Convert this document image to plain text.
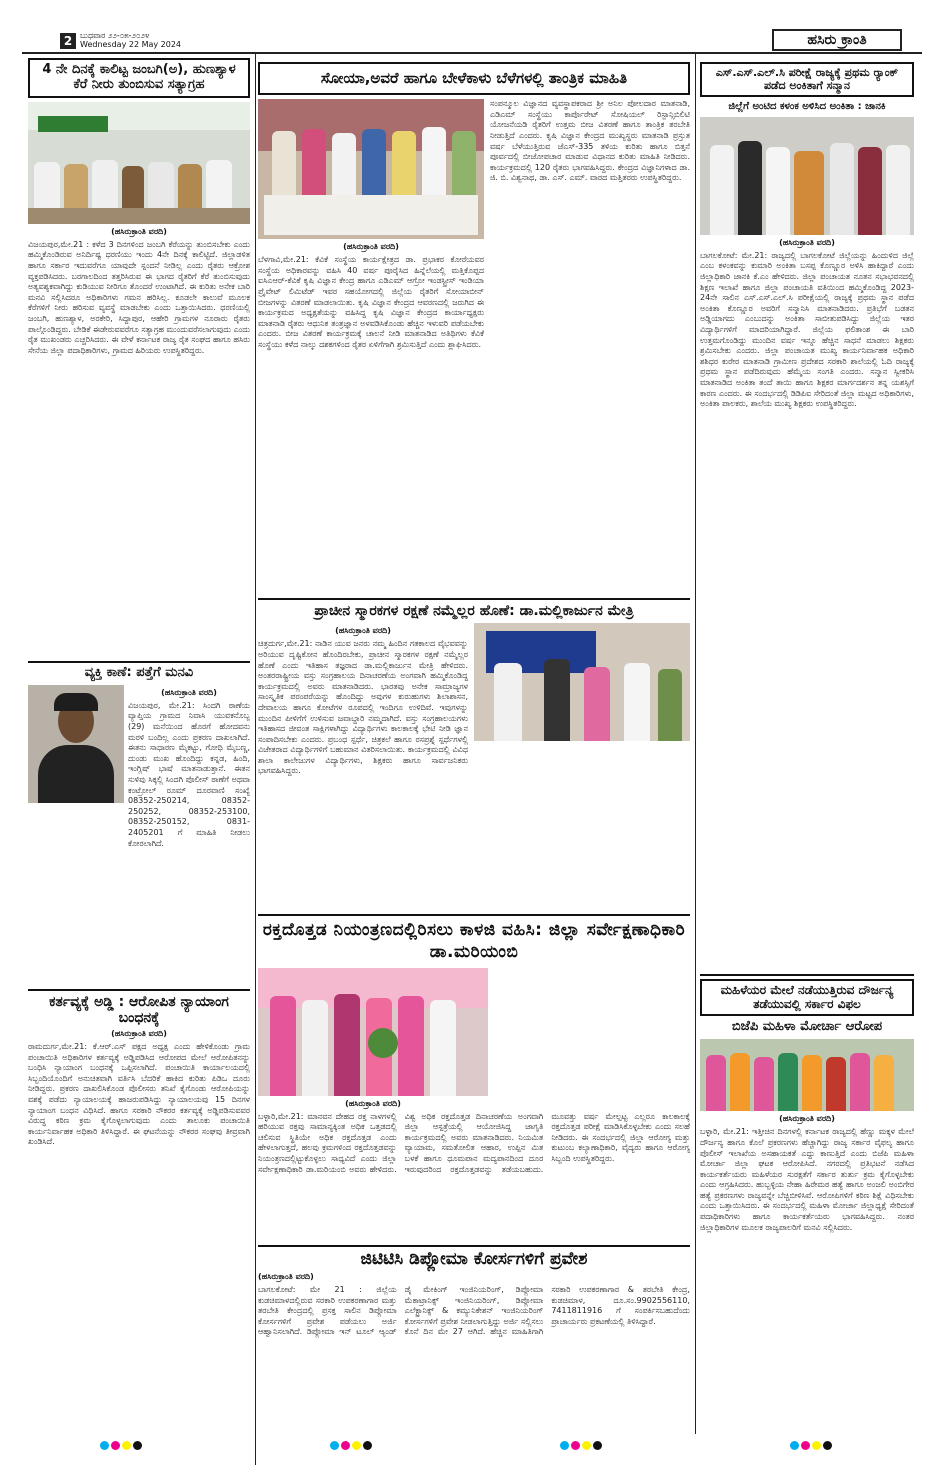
2 ಬುಧವಾರ ೨೨-೦೫-೨೦೨೪
Wednesday 22 May 2024	ಹಸಿರು ಕ್ರಾಂತಿ
4 ನೇ ದಿನಕ್ಕೆ ಕಾಲಿಟ್ಟ ಜಂಬಗಿ(ಅ), ಹುಣಶ್ಯಾಳ ಕೆರೆ ನೀರು ತುಂಬಿಸುವ ಸತ್ಯಾಗ್ರಹ
(ಹಸಿರುಕ್ರಾಂತಿ ವರದಿ)
ವಿಜಯಪುರ,ಮೇ.21 : ಕಳೆದ 3 ದಿನಗಳಿಂದ ಜಂಬಗಿ ಕೆರೆಯನ್ನು ತುಂಬಿಸಬೇಕು ಎಂದು ಹಮ್ಮಿಕೊಂಡಿರುವ ಅನಿರ್ದಿಷ್ಟ ಧರಣಿಯು ಇಂದು 4ನೇ ದಿನಕ್ಕೆ ಕಾಲಿಟ್ಟಿದೆ. ಜಿಲ್ಲಾಡಳಿತ ಹಾಗೂ ಸರ್ಕಾರ ಇದುವರೆಗೂ ಯಾವುದೇ ಸ್ಪಂದನೆ ನೀಡಿಲ್ಲ ಎಂದು ರೈತರು ಆಕ್ರೋಶ ವ್ಯಕ್ತಪಡಿಸಿದರು. ಬರಗಾಲದಿಂದ ತತ್ತರಿಸಿರುವ ಈ ಭಾಗದ ರೈತರಿಗೆ ಕೆರೆ ತುಂಬಿಸುವುದು ಅತ್ಯವಶ್ಯಕವಾಗಿದ್ದು ಕುಡಿಯುವ ನೀರಿಗೂ ತೊಂದರೆ ಉಂಟಾಗಿದೆ. ಈ ಕುರಿತು ಅನೇಕ ಬಾರಿ ಮನವಿ ಸಲ್ಲಿಸಿದರೂ ಅಧಿಕಾರಿಗಳು ಗಮನ ಹರಿಸಿಲ್ಲ. ಕೂಡಲೇ ಕಾಲುವೆ ಮೂಲಕ ಕೆರೆಗಳಿಗೆ ನೀರು ಹರಿಸುವ ವ್ಯವಸ್ಥೆ ಮಾಡಬೇಕು ಎಂದು ಒತ್ತಾಯಿಸಿದರು. ಧರಣಿಯಲ್ಲಿ ಜಂಬಗಿ, ಹುಣಶ್ಯಾಳ, ಅರಕೇರಿ, ಸಿದ್ದಾಪುರ, ಆಹೇರಿ ಗ್ರಾಮಗಳ ನೂರಾರು ರೈತರು ಪಾಲ್ಗೊಂಡಿದ್ದರು. ಬೇಡಿಕೆ ಈಡೇರುವವರೆಗೂ ಸತ್ಯಾಗ್ರಹ ಮುಂದುವರೆಸಲಾಗುವುದು ಎಂದು ರೈತ ಮುಖಂಡರು ಎಚ್ಚರಿಸಿದರು. ಈ ವೇಳೆ ಕರ್ನಾಟಕ ರಾಜ್ಯ ರೈತ ಸಂಘದ ಹಾಗೂ ಹಸಿರು ಸೇನೆಯ ಜಿಲ್ಲಾ ಪದಾಧಿಕಾರಿಗಳು, ಗ್ರಾಮದ ಹಿರಿಯರು ಉಪಸ್ಥಿತರಿದ್ದರು.
ವ್ಯಕ್ತಿ ಕಾಣೆ: ಪತ್ತೆಗೆ ಮನವಿ
(ಹಸಿರುಕ್ರಾಂತಿ ವರದಿ)
ವಿಜಯಪುರ, ಮೇ.21: ಸಿಂದಗಿ ಠಾಣೆಯ ವ್ಯಾಪ್ತಿಯ ಗ್ರಾಮದ ನಿವಾಸಿ ಯುವಕನೊಬ್ಬ (29) ಮನೆಯಿಂದ ಹೊರಗೆ ಹೋದವನು ಮರಳಿ ಬಂದಿಲ್ಲ ಎಂದು ಪ್ರಕರಣ ದಾಖಲಾಗಿದೆ. ಈತನು ಸಾಧಾರಣ ಮೈಕಟ್ಟು, ಗೋಧಿ ಮೈಬಣ್ಣ, ದುಂಡು ಮುಖ ಹೊಂದಿದ್ದು ಕನ್ನಡ, ಹಿಂದಿ, ಇಂಗ್ಲಿಷ್ ಭಾಷೆ ಮಾತನಾಡುತ್ತಾನೆ. ಈತನ ಸುಳಿವು ಸಿಕ್ಕಲ್ಲಿ ಸಿಂದಗಿ ಪೊಲೀಸ್ ಠಾಣೆಗೆ ಅಥವಾ ಕಂಟ್ರೋಲ್ ರೂಮ್ ದೂರವಾಣಿ ಸಂಖ್ಯೆ 08352-250214, 08352-250252, 08352-253100, 08352-250152, 0831-2405201 ಗೆ ಮಾಹಿತಿ ನೀಡಲು ಕೋರಲಾಗಿದೆ.
ಕರ್ತವ್ಯಕ್ಕೆ ಅಡ್ಡಿ : ಆರೋಪಿತ ನ್ಯಾಯಾಂಗ ಬಂಧನಕ್ಕೆ
(ಹಸಿರುಕ್ರಾಂತಿ ವರದಿ)
ರಾಮದುರ್ಗ,ಮೇ.21: ಕೆ.ಆರ್.ಎಸ್ ಪಕ್ಷದ ಅಧ್ಯಕ್ಷ ಎಂದು ಹೇಳಿಕೊಂಡು ಗ್ರಾಮ ಪಂಚಾಯಿತಿ ಅಧಿಕಾರಿಗಳ ಕರ್ತವ್ಯಕ್ಕೆ ಅಡ್ಡಿಪಡಿಸಿದ ಆರೋಪದ ಮೇಲೆ ಆರೋಪಿತನನ್ನು ಬಂಧಿಸಿ ನ್ಯಾಯಾಂಗ ಬಂಧನಕ್ಕೆ ಒಪ್ಪಿಸಲಾಗಿದೆ. ಪಂಚಾಯಿತಿ ಕಾರ್ಯಾಲಯದಲ್ಲಿ ಸಿಬ್ಬಂದಿಯೊಂದಿಗೆ ಅನುಚಿತವಾಗಿ ವರ್ತಿಸಿ ಬೆದರಿಕೆ ಹಾಕಿದ ಕುರಿತು ಪಿಡಿಒ ದೂರು ನೀಡಿದ್ದರು. ಪ್ರಕರಣ ದಾಖಲಿಸಿಕೊಂಡ ಪೊಲೀಸರು ತನಿಖೆ ಕೈಗೊಂಡು ಆರೋಪಿಯನ್ನು ವಶಕ್ಕೆ ಪಡೆದು ನ್ಯಾಯಾಲಯಕ್ಕೆ ಹಾಜರುಪಡಿಸಿದ್ದು ನ್ಯಾಯಾಲಯವು 15 ದಿನಗಳ ನ್ಯಾಯಾಂಗ ಬಂಧನ ವಿಧಿಸಿದೆ. ಹಾಗೂ ಸರಕಾರಿ ನೌಕರರ ಕರ್ತವ್ಯಕ್ಕೆ ಅಡ್ಡಿಪಡಿಸುವವರ ವಿರುದ್ಧ ಕಠಿಣ ಕ್ರಮ ಕೈಗೊಳ್ಳಲಾಗುವುದು ಎಂದು ತಾಲೂಕು ಪಂಚಾಯಿತಿ ಕಾರ್ಯನಿರ್ವಾಹಕ ಅಧಿಕಾರಿ ತಿಳಿಸಿದ್ದಾರೆ. ಈ ಘಟನೆಯನ್ನು ನೌಕರರ ಸಂಘವು ತೀವ್ರವಾಗಿ ಖಂಡಿಸಿದೆ.
ಸೋಯಾ,ಅವರೆ ಹಾಗೂ ಬೇಳೆಕಾಳು ಬೆಳೆಗಳಲ್ಲಿ ತಾಂತ್ರಿಕ ಮಾಹಿತಿ
(ಹಸಿರುಕ್ರಾಂತಿ ವರದಿ)
ಬೆಳಗಾವಿ,ಮೇ.21: ಕೆವಿಕೆ ಸಂಸ್ಥೆಯ ಕಾರ್ಯಕ್ಷೇತ್ರದ ಡಾ. ಪ್ರಭಾಕರ ಕೋರೆಯವರ ಸಂಸ್ಥೆಯ ಅಧಿಕಾರವನ್ನು ವಹಿಸಿ 40 ವರ್ಷ ಪೂರೈಸಿದ ಹಿನ್ನೆಲೆಯಲ್ಲಿ ಮತ್ತಿಕೊಪ್ಪದ ಐಸಿಎಆರ್-ಕೆವಿಕೆ ಕೃಷಿ ವಿಜ್ಞಾನ ಕೇಂದ್ರ ಹಾಗೂ ಎಡಿಎಮ್ ಆಗ್ರೋ ಇಂಡಸ್ಟ್ರೀಸ್ ಇಂಡಿಯಾ ಪ್ರೈವೇಟ್ ಲಿಮಿಟೆಡ್ ಇವರ ಸಹಯೋಗದಲ್ಲಿ ಜಿಲ್ಲೆಯ ರೈತರಿಗೆ ಸೋಯಾಬೀನ್ ಬೀಜಗಳನ್ನು ವಿತರಣೆ ಮಾಡಲಾಯಿತು. ಕೃಷಿ ವಿಜ್ಞಾನ ಕೇಂದ್ರದ ಆವರಣದಲ್ಲಿ ಜರುಗಿದ ಈ ಕಾರ್ಯಕ್ರಮದ ಅಧ್ಯಕ್ಷತೆಯನ್ನು ವಹಿಸಿದ್ದ ಕೃಷಿ ವಿಜ್ಞಾನ ಕೇಂದ್ರದ ಕಾರ್ಯಾಧ್ಯಕ್ಷರು ಮಾತನಾಡಿ ರೈತರು ಆಧುನಿಕ ತಂತ್ರಜ್ಞಾನ ಅಳವಡಿಸಿಕೊಂಡು ಹೆಚ್ಚಿನ ಇಳುವರಿ ಪಡೆಯಬೇಕು ಎಂದರು. ಬೀಜ ವಿತರಣೆ ಕಾರ್ಯಕ್ರಮಕ್ಕೆ ಚಾಲನೆ ನೀಡಿ ಮಾತನಾಡಿದ ಅತಿಥಿಗಳು ಕೆವಿಕೆ ಸಂಸ್ಥೆಯು ಕಳೆದ ನಾಲ್ಕು ದಶಕಗಳಿಂದ ರೈತರ ಏಳಿಗೆಗಾಗಿ ಶ್ರಮಿಸುತ್ತಿದೆ ಎಂದು ಶ್ಲಾಘಿಸಿದರು.
ಸಂಪನ್ಮೂಲ ವಿಜ್ಞಾನದ ವ್ಯವಸ್ಥಾಪಕರಾದ ಶ್ರೀ ಅನಿಲ ಪೋಲದಾರ ಮಾತನಾಡಿ, ಎಡಿಎಮ್ ಸಂಸ್ಥೆಯು ಕಾರ್ಪೊರೇಟ್ ಸೋಷಿಯಲ್ ರಿಸ್ಪಾನ್ಸಿಬಿಲಿಟಿ ಯೋಜನೆಯಡಿ ರೈತರಿಗೆ ಉತ್ತಮ ಬೀಜ ವಿತರಣೆ ಹಾಗೂ ತಾಂತ್ರಿಕ ತರಬೇತಿ ನೀಡುತ್ತಿದೆ ಎಂದರು. ಕೃಷಿ ವಿಜ್ಞಾನ ಕೇಂದ್ರದ ಮುಖ್ಯಸ್ಥರು ಮಾತನಾಡಿ ಪ್ರಸ್ತುತ ವರ್ಷ ಬೆಳೆಯುತ್ತಿರುವ ಜೆಎಸ್-335 ತಳಿಯ ಕುರಿತು ಹಾಗೂ ಬಿತ್ತನೆ ಪೂರ್ವದಲ್ಲಿ ಬೀಜೋಪಚಾರ ಮಾಡುವ ವಿಧಾನದ ಕುರಿತು ಮಾಹಿತಿ ನೀಡಿದರು. ಕಾರ್ಯಕ್ರಮದಲ್ಲಿ 120 ರೈತರು ಭಾಗವಹಿಸಿದ್ದರು. ಕೇಂದ್ರದ ವಿಜ್ಞಾನಿಗಳಾದ ಡಾ. ಜಿ. ಬಿ. ವಿಶ್ವನಾಥ, ಡಾ. ಎಸ್. ಎಮ್. ವಾರದ ಮತ್ತಿತರರು ಉಪಸ್ಥಿತರಿದ್ದರು.
ಪ್ರಾಚೀನ ಸ್ಮಾರಕಗಳ ರಕ್ಷಣೆ ನಮ್ಮೆಲ್ಲರ ಹೊಣೆ: ಡಾ.ಮಲ್ಲಿಕಾರ್ಜುನ ಮೇತ್ರಿ
(ಹಸಿರುಕ್ರಾಂತಿ ವರದಿ)
ಚಿತ್ರದುರ್ಗ,ಮೇ.21: ನಾಡಿನ ಯುವ ಜನರು ನಮ್ಮ ಹಿಂದಿನ ಗತಕಾಲದ ವೈಭವವನ್ನು ಅರಿಯುವ ದೃಷ್ಟಿಕೋನ ಹೊಂದಿರಬೇಕು, ಪ್ರಾಚೀನ ಸ್ಮಾರಕಗಳ ರಕ್ಷಣೆ ನಮ್ಮೆಲ್ಲರ ಹೊಣೆ ಎಂದು ಇತಿಹಾಸ ತಜ್ಞರಾದ ಡಾ.ಮಲ್ಲಿಕಾರ್ಜುನ ಮೇತ್ರಿ ಹೇಳಿದರು. ಅಂತರರಾಷ್ಟ್ರೀಯ ವಸ್ತು ಸಂಗ್ರಹಾಲಯ ದಿನಾಚರಣೆಯ ಅಂಗವಾಗಿ ಹಮ್ಮಿಕೊಂಡಿದ್ದ ಕಾರ್ಯಕ್ರಮದಲ್ಲಿ ಅವರು ಮಾತನಾಡಿದರು. ಭಾರತವು ಅನೇಕ ಸಾಮ್ರಾಜ್ಯಗಳ ಸಾಂಸ್ಕೃತಿಕ ಪರಂಪರೆಯನ್ನು ಹೊಂದಿದ್ದು ಅವುಗಳ ಕುರುಹುಗಳು ಶಿಲಾಶಾಸನ, ದೇವಾಲಯ ಹಾಗೂ ಕೋಟೆಗಳ ರೂಪದಲ್ಲಿ ಇಂದಿಗೂ ಉಳಿದಿವೆ. ಇವುಗಳನ್ನು ಮುಂದಿನ ಪೀಳಿಗೆಗೆ ಉಳಿಸುವ ಜವಾಬ್ದಾರಿ ನಮ್ಮದಾಗಿದೆ. ವಸ್ತು ಸಂಗ್ರಹಾಲಯಗಳು ಇತಿಹಾಸದ ಜೀವಂತ ಸಾಕ್ಷಿಗಳಾಗಿದ್ದು ವಿದ್ಯಾರ್ಥಿಗಳು ಕಾಲಕಾಲಕ್ಕೆ ಭೇಟಿ ನೀಡಿ ಜ್ಞಾನ ಸಂಪಾದಿಸಬೇಕು ಎಂದರು. ಪ್ರಬಂಧ ಸ್ಪರ್ಧೆ, ಚಿತ್ರಕಲೆ ಹಾಗೂ ರಸಪ್ರಶ್ನೆ ಸ್ಪರ್ಧೆಗಳಲ್ಲಿ ವಿಜೇತರಾದ ವಿದ್ಯಾರ್ಥಿಗಳಿಗೆ ಬಹುಮಾನ ವಿತರಿಸಲಾಯಿತು. ಕಾರ್ಯಕ್ರಮದಲ್ಲಿ ವಿವಿಧ ಶಾಲಾ ಕಾಲೇಜುಗಳ ವಿದ್ಯಾರ್ಥಿಗಳು, ಶಿಕ್ಷಕರು ಹಾಗೂ ಸಾರ್ವಜನಿಕರು ಭಾಗವಹಿಸಿದ್ದರು.
ರಕ್ತದೊತ್ತಡ ನಿಯಂತ್ರಣದಲ್ಲಿರಿಸಲು ಕಾಳಜಿ ವಹಿಸಿ: ಜಿಲ್ಲಾ ಸರ್ವೇಕ್ಷಣಾಧಿಕಾರಿ ಡಾ.ಮರಿಯಂಬಿ
(ಹಸಿರುಕ್ರಾಂತಿ ವರದಿ)
ಬಳ್ಳಾರಿ,ಮೇ.21: ಮಾನವನ ದೇಹದ ರಕ್ತ ನಾಳಗಳಲ್ಲಿ ಹರಿಯುವ ರಕ್ತವು ಸಾಮಾನ್ಯಕ್ಕಿಂತ ಅಧಿಕ ಒತ್ತಡದಲ್ಲಿ ಚಲಿಸುವ ಸ್ಥಿತಿಯೇ ಅಧಿಕ ರಕ್ತದೊತ್ತಡ ಎಂದು ಹೇಳಲಾಗುತ್ತದೆ, ಹಲವು ಕ್ರಮಗಳಿಂದ ರಕ್ತದೊತ್ತಡವನ್ನು ನಿಯಂತ್ರಣದಲ್ಲಿಟ್ಟುಕೊಳ್ಳಲು ಸಾಧ್ಯವಿದೆ ಎಂದು ಜಿಲ್ಲಾ ಸರ್ವೇಕ್ಷಣಾಧಿಕಾರಿ ಡಾ.ಮರಿಯಂಬಿ ಅವರು ಹೇಳಿದರು. ವಿಶ್ವ ಅಧಿಕ ರಕ್ತದೊತ್ತಡ ದಿನಾಚರಣೆಯ ಅಂಗವಾಗಿ ಜಿಲ್ಲಾ ಆಸ್ಪತ್ರೆಯಲ್ಲಿ ಆಯೋಜಿಸಿದ್ದ ಜಾಗೃತಿ ಕಾರ್ಯಕ್ರಮದಲ್ಲಿ ಅವರು ಮಾತನಾಡಿದರು. ನಿಯಮಿತ ವ್ಯಾಯಾಮ, ಸಮತೋಲಿತ ಆಹಾರ, ಉಪ್ಪಿನ ಮಿತ ಬಳಕೆ ಹಾಗೂ ಧೂಮಪಾನ ಮದ್ಯಪಾನದಿಂದ ದೂರ ಇರುವುದರಿಂದ ರಕ್ತದೊತ್ತಡವನ್ನು ತಡೆಯಬಹುದು. ಮೂವತ್ತು ವರ್ಷ ಮೇಲ್ಪಟ್ಟ ಎಲ್ಲರೂ ಕಾಲಕಾಲಕ್ಕೆ ರಕ್ತದೊತ್ತಡ ಪರೀಕ್ಷೆ ಮಾಡಿಸಿಕೊಳ್ಳಬೇಕು ಎಂದು ಸಲಹೆ ನೀಡಿದರು. ಈ ಸಂದರ್ಭದಲ್ಲಿ ಜಿಲ್ಲಾ ಆರೋಗ್ಯ ಮತ್ತು ಕುಟುಂಬ ಕಲ್ಯಾಣಾಧಿಕಾರಿ, ವೈದ್ಯರು ಹಾಗೂ ಆರೋಗ್ಯ ಸಿಬ್ಬಂದಿ ಉಪಸ್ಥಿತರಿದ್ದರು.
ಜಿಟಿಟಿಸಿ ಡಿಪ್ಲೋಮಾ ಕೋರ್ಸಗಳಿಗೆ ಪ್ರವೇಶ
(ಹಸಿರುಕ್ರಾಂತಿ ವರದಿ)
ಬಾಗಲಕೋಟೆ: ಮೇ 21 : ಜಿಲ್ಲೆಯ ಕುಡಚಿಮಾಳದಲ್ಲಿರುವ ಸರಕಾರಿ ಉಪಕರಣಾಗಾರ ಮತ್ತು ತರಬೇತಿ ಕೇಂದ್ರದಲ್ಲಿ ಪ್ರಸಕ್ತ ಸಾಲಿನ ಡಿಪ್ಲೋಮಾ ಕೋರ್ಸಗಳಿಗೆ ಪ್ರವೇಶ ಪಡೆಯಲು ಅರ್ಜಿ ಆಹ್ವಾನಿಸಲಾಗಿದೆ. ಡಿಪ್ಲೋಮಾ ಇನ್ ಟೂಲ್ ಆ್ಯಂಡ್ ಡೈ ಮೇಕಿಂಗ್ ಇಂಜಿನಿಯರಿಂಗ್, ಡಿಪ್ಲೋಮಾ ಮೆಕಾಟ್ರಾನಿಕ್ಸ್ ಇಂಜಿನಿಯರಿಂಗ್, ಡಿಪ್ಲೋಮಾ ಎಲೆಕ್ಟ್ರಾನಿಕ್ಸ್ & ಕಮ್ಯುನಿಕೇಶನ್ ಇಂಜಿನಿಯರಿಂಗ್ ಕೋರ್ಸಗಳಿಗೆ ಪ್ರವೇಶ ನೀಡಲಾಗುತ್ತಿದ್ದು ಅರ್ಜಿ ಸಲ್ಲಿಸಲು ಕೊನೆ ದಿನ ಮೇ 27 ಆಗಿದೆ. ಹೆಚ್ಚಿನ ಮಾಹಿತಿಗಾಗಿ ಸರಕಾರಿ ಉಪಕರಣಾಗಾರ & ತರಬೇತಿ ಕೇಂದ್ರ, ಕುಡಚಿಮಾಳ, ದೂ.ಸಂ.9902556110, 7411811916 ಗೆ ಸಂಪರ್ಕಿಸಬಹುದೆಂದು ಪ್ರಾಚಾರ್ಯರು ಪ್ರಕಟಣೆಯಲ್ಲಿ ತಿಳಿಸಿದ್ದಾರೆ.
ಎಸ್.ಎಸ್.ಎಲ್.ಸಿ ಪರೀಕ್ಷೆ ರಾಜ್ಯಕ್ಕೆ ಪ್ರಥಮ ರ್‍ಯಾಂಕ್ ಪಡೆದ ಅಂಕಿತಾಗೆ ಸನ್ಮಾನ
ಜಿಲ್ಲೆಗೆ ಅಂಟಿದ ಕಳಂಕ ಅಳಿಸಿದ ಅಂಕಿತಾ : ಜಾನಕಿ
(ಹಸಿರುಕ್ರಾಂತಿ ವರದಿ)
ಬಾಗಲಕೋಟೆ: ಮೇ.21: ರಾಜ್ಯದಲ್ಲಿ ಬಾಗಲಕೋಟೆ ಜಿಲ್ಲೆಯನ್ನು ಹಿಂದುಳಿದ ಜಿಲ್ಲೆ ಎಂಬ ಕಳಂಕವನ್ನು ಕುಮಾರಿ ಅಂಕಿತಾ ಬಸಪ್ಪ ಕೊಣ್ಣೂರ ಅಳಿಸಿ ಹಾಕಿದ್ದಾರೆ ಎಂದು ಜಿಲ್ಲಾಧಿಕಾರಿ ಜಾನಕಿ ಕೆ.ಎಂ ಹೇಳಿದರು. ಜಿಲ್ಲಾ ಪಂಚಾಯತ ನೂತನ ಸಭಾಭವನದಲ್ಲಿ ಶಿಕ್ಷಣ ಇಲಾಖೆ ಹಾಗೂ ಜಿಲ್ಲಾ ಪಂಚಾಯತಿ ವತಿಯಿಂದ ಹಮ್ಮಿಕೊಂಡಿದ್ದ 2023-24ನೇ ಸಾಲಿನ ಎಸ್.ಎಸ್.ಎಲ್.ಸಿ ಪರೀಕ್ಷೆಯಲ್ಲಿ ರಾಜ್ಯಕ್ಕೆ ಪ್ರಥಮ ಸ್ಥಾನ ಪಡೆದ ಅಂಕಿತಾ ಕೊಣ್ಣೂರ ಅವರಿಗೆ ಸನ್ಮಾನಿಸಿ ಮಾತನಾಡಿದರು. ಪ್ರತಿಭೆಗೆ ಬಡತನ ಅಡ್ಡಿಯಾಗದು ಎಂಬುದನ್ನು ಅಂಕಿತಾ ಸಾಬೀತುಪಡಿಸಿದ್ದು ಜಿಲ್ಲೆಯ ಇತರ ವಿದ್ಯಾರ್ಥಿಗಳಿಗೆ ಮಾದರಿಯಾಗಿದ್ದಾರೆ. ಜಿಲ್ಲೆಯ ಫಲಿತಾಂಶ ಈ ಬಾರಿ ಉತ್ತಮಗೊಂಡಿದ್ದು ಮುಂದಿನ ವರ್ಷ ಇನ್ನೂ ಹೆಚ್ಚಿನ ಸಾಧನೆ ಮಾಡಲು ಶಿಕ್ಷಕರು ಶ್ರಮಿಸಬೇಕು ಎಂದರು. ಜಿಲ್ಲಾ ಪಂಚಾಯತ ಮುಖ್ಯ ಕಾರ್ಯನಿರ್ವಾಹಕ ಅಧಿಕಾರಿ ಶಶಿಧರ ಕುರೇರ ಮಾತನಾಡಿ ಗ್ರಾಮೀಣ ಪ್ರದೇಶದ ಸರಕಾರಿ ಶಾಲೆಯಲ್ಲಿ ಓದಿ ರಾಜ್ಯಕ್ಕೆ ಪ್ರಥಮ ಸ್ಥಾನ ಪಡೆದಿರುವುದು ಹೆಮ್ಮೆಯ ಸಂಗತಿ ಎಂದರು. ಸನ್ಮಾನ ಸ್ವೀಕರಿಸಿ ಮಾತನಾಡಿದ ಅಂಕಿತಾ ತಂದೆ ತಾಯಿ ಹಾಗೂ ಶಿಕ್ಷಕರ ಮಾರ್ಗದರ್ಶನ ತನ್ನ ಯಶಸ್ಸಿಗೆ ಕಾರಣ ಎಂದರು. ಈ ಸಂದರ್ಭದಲ್ಲಿ ಡಿಡಿಪಿಐ ಸೇರಿದಂತೆ ಜಿಲ್ಲಾ ಮಟ್ಟದ ಅಧಿಕಾರಿಗಳು, ಅಂಕಿತಾ ಪಾಲಕರು, ಶಾಲೆಯ ಮುಖ್ಯ ಶಿಕ್ಷಕರು ಉಪಸ್ಥಿತರಿದ್ದರು.
ಮಹಿಳೆಯರ ಮೇಲೆ ನಡೆಯುತ್ತಿರುವ ದೌರ್ಜನ್ಯ ತಡೆಯುವಲ್ಲಿ ಸರ್ಕಾರ ವಿಫಲ
ಬಿಜೆಪಿ ಮಹಿಳಾ ಮೋರ್ಚಾ ಆರೋಪ
(ಹಸಿರುಕ್ರಾಂತಿ ವರದಿ)
ಬಳ್ಳಾರಿ, ಮೇ.21: ಇತ್ತೀಚಿನ ದಿನಗಳಲ್ಲಿ ಕರ್ನಾಟಕ ರಾಜ್ಯದಲ್ಲಿ ಹೆಣ್ಣು ಮಕ್ಕಳ ಮೇಲೆ ದೌರ್ಜನ್ಯ ಹಾಗೂ ಕೊಲೆ ಪ್ರಕರಣಗಳು ಹೆಚ್ಚಾಗಿದ್ದು ರಾಜ್ಯ ಸರ್ಕಾರ ವೈಫಲ್ಯ ಹಾಗೂ ಪೊಲೀಸ್ ಇಲಾಖೆಯ ಅಸಹಾಯಕತೆ ಎದ್ದು ಕಾಣುತ್ತಿದೆ ಎಂದು ಬಿಜೆಪಿ ಮಹಿಳಾ ಮೋರ್ಚಾ ಜಿಲ್ಲಾ ಘಟಕ ಆರೋಪಿಸಿದೆ. ನಗರದಲ್ಲಿ ಪ್ರತಿಭಟನೆ ನಡೆಸಿದ ಕಾರ್ಯಕರ್ತೆಯರು ಮಹಿಳೆಯರ ಸುರಕ್ಷತೆಗೆ ಸರ್ಕಾರ ತುರ್ತು ಕ್ರಮ ಕೈಗೊಳ್ಳಬೇಕು ಎಂದು ಆಗ್ರಹಿಸಿದರು. ಹುಬ್ಬಳ್ಳಿಯ ನೇಹಾ ಹಿರೇಮಠ ಹತ್ಯೆ ಹಾಗೂ ಅಂಜಲಿ ಅಂಬಿಗೇರ ಹತ್ಯೆ ಪ್ರಕರಣಗಳು ರಾಜ್ಯವನ್ನೇ ಬೆಚ್ಚಿಬೀಳಿಸಿವೆ. ಆರೋಪಿಗಳಿಗೆ ಕಠಿಣ ಶಿಕ್ಷೆ ವಿಧಿಸಬೇಕು ಎಂದು ಒತ್ತಾಯಿಸಿದರು. ಈ ಸಂದರ್ಭದಲ್ಲಿ ಮಹಿಳಾ ಮೋರ್ಚಾ ಜಿಲ್ಲಾಧ್ಯಕ್ಷೆ ಸೇರಿದಂತೆ ಪದಾಧಿಕಾರಿಗಳು ಹಾಗೂ ಕಾರ್ಯಕರ್ತೆಯರು ಭಾಗವಹಿಸಿದ್ದರು. ನಂತರ ಜಿಲ್ಲಾಧಿಕಾರಿಗಳ ಮೂಲಕ ರಾಜ್ಯಪಾಲರಿಗೆ ಮನವಿ ಸಲ್ಲಿಸಿದರು.
